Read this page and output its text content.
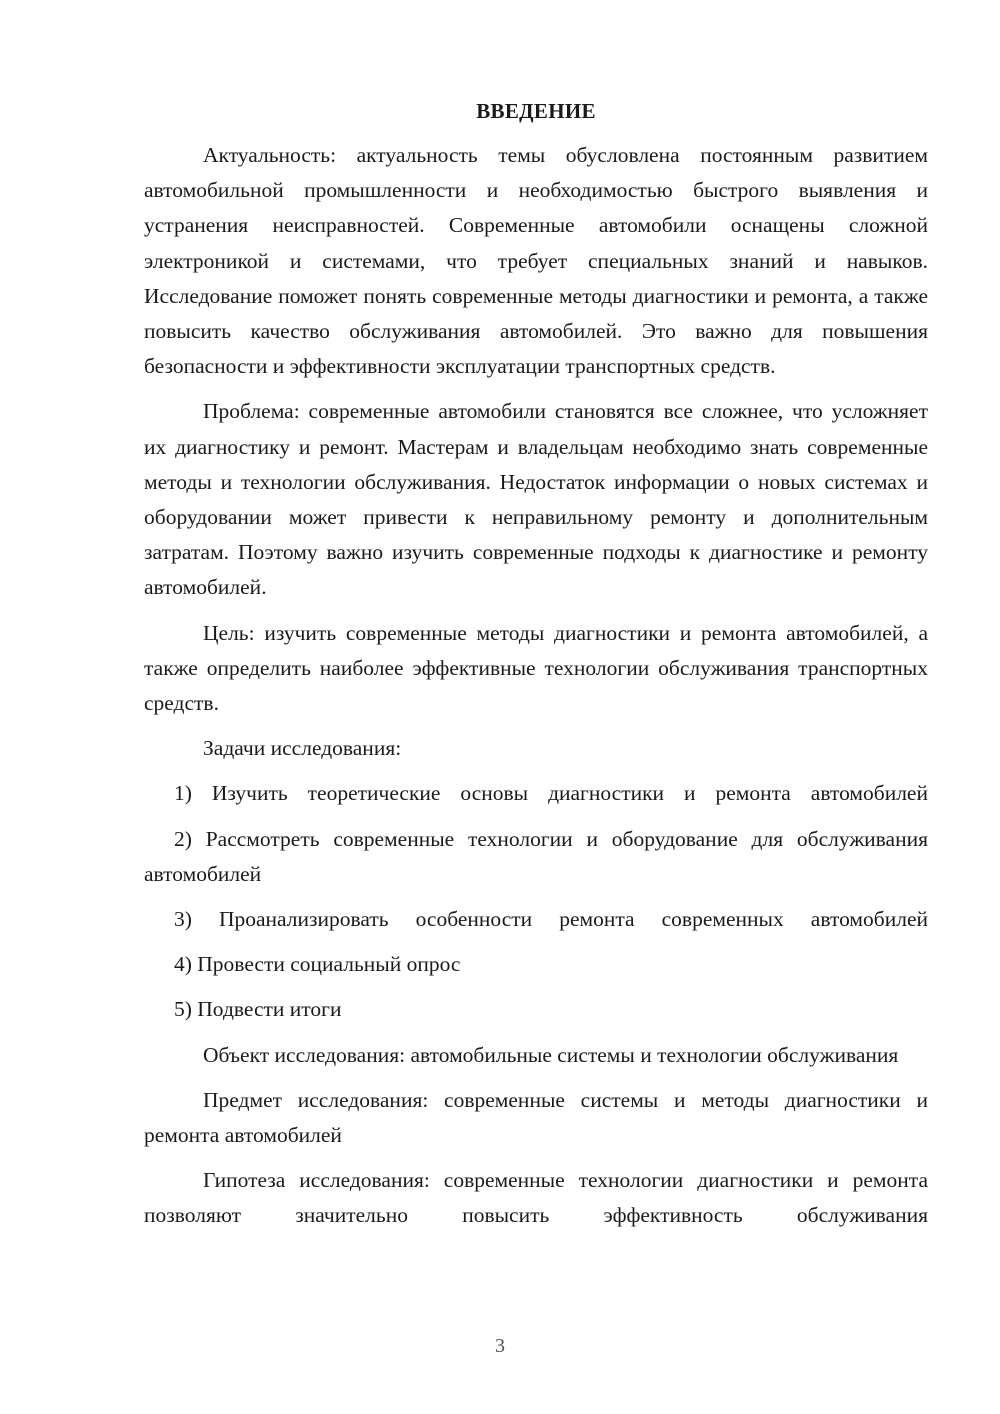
ВВЕДЕНИЕ

Актуальность: актуальность темы обусловлена постоянным развитием автомобильной промышленности и необходимостью быстрого выявления и устранения неисправностей. Современные автомобили оснащены сложной электроникой и системами, что требует специальных знаний и навыков. Исследование поможет понять современные методы диагностики и ремонта, а также повысить качество обслуживания автомобилей. Это важно для повышения безопасности и эффективности эксплуатации транспортных средств.

Проблема: современные автомобили становятся все сложнее, что усложняет их диагностику и ремонт. Мастерам и владельцам необходимо знать современные методы и технологии обслуживания. Недостаток информации о новых системах и оборудовании может привести к неправильному ремонту и дополнительным затратам. Поэтому важно изучить современные подходы к диагностике и ремонту автомобилей.

Цель: изучить современные методы диагностики и ремонта автомобилей, а также определить наиболее эффективные технологии обслуживания транспортных средств.

Задачи исследования:

1) Изучить теоретические основы диагностики и ремонта автомобилей

2) Рассмотреть современные технологии и оборудование для обслуживания автомобилей

3) Проанализировать особенности ремонта современных автомобилей

4) Провести социальный опрос

5) Подвести итоги

Объект исследования: автомобильные системы и технологии обслуживания

Предмет исследования: современные системы и методы диагностики и ремонта автомобилей

Гипотеза исследования: современные технологии диагностики и ремонта позволяют значительно повысить эффективность обслуживания

3
